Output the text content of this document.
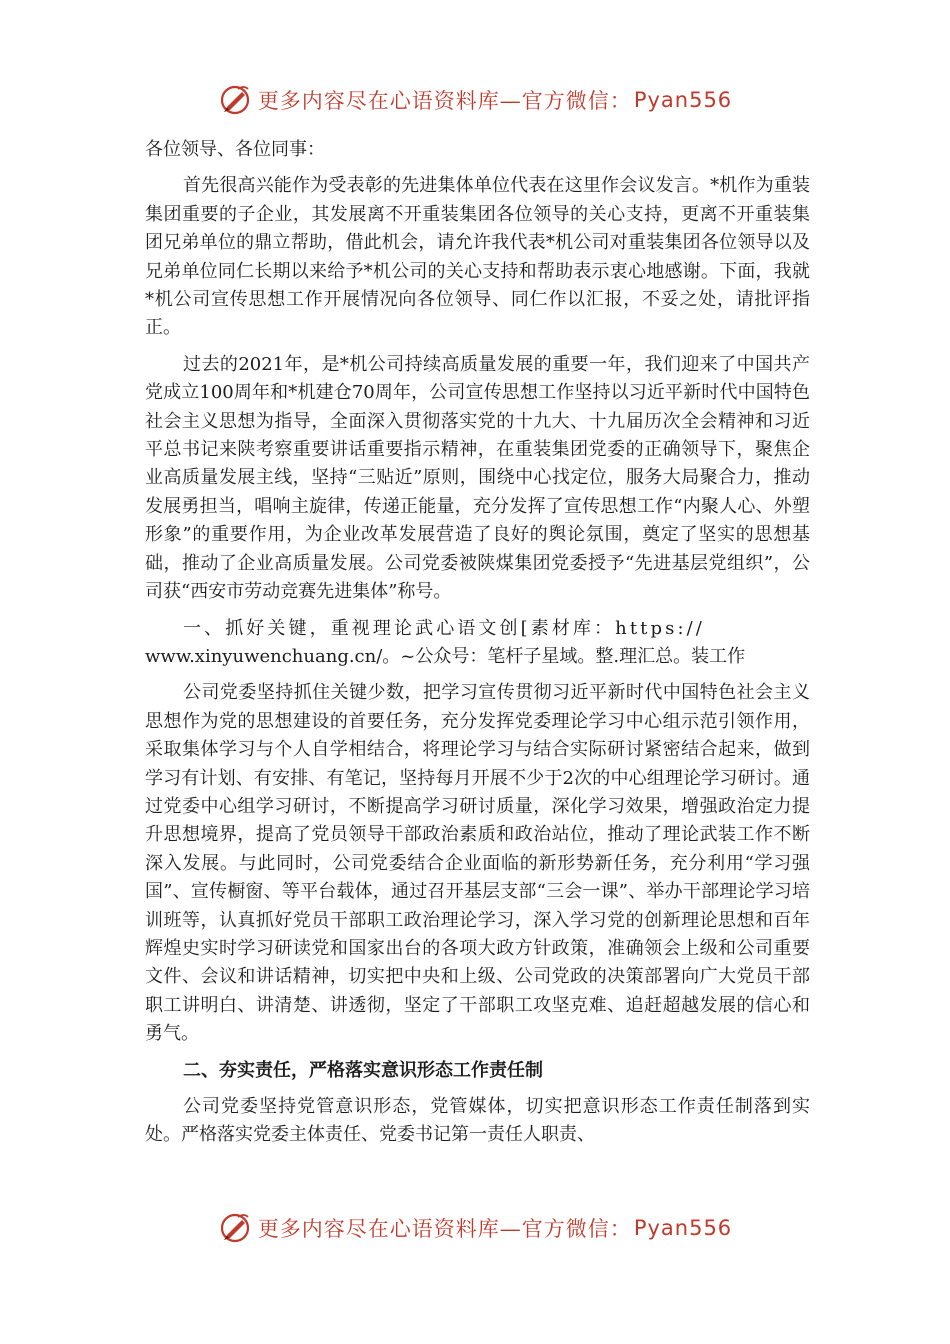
更多内容尽在心语资料库—官方微信： Pyan556

各位领导、各位同事：

首先很高兴能作为受表彰的先进集体单位代表在这里作会议发言。*机作为重装集团重要的子企业，其发展离不开重装集团各位领导的关心支持，更离不开重装集团兄弟单位的鼎立帮助，借此机会，请允许我代表*机公司对重装集团各位领导以及兄弟单位同仁长期以来给予*机公司的关心支持和帮助表示衷心地感谢。下面，我就*机公司宣传思想工作开展情况向各位领导、同仁作以汇报，不妥之处，请批评指正。

过去的2021年，是*机公司持续高质量发展的重要一年，我们迎来了中国共产党成立100周年和*机建仓70周年，公司宣传思想工作坚持以习近平新时代中国特色社会主义思想为指导，全面深入贯彻落实党的十九大、十九届历次全会精神和习近平总书记来陕考察重要讲话重要指示精神，在重装集团党委的正确领导下，聚焦企业高质量发展主线，坚持“三贴近”原则，围绕中心找定位，服务大局聚合力，推动发展勇担当，唱响主旋律，传递正能量，充分发挥了宣传思想工作“内聚人心、外塑形象”的重要作用，为企业改革发展营造了良好的舆论氛围，奠定了坚实的思想基础，推动了企业高质量发展。公司党委被陕煤集团党委授予“先进基层党组织”，公司获“西安市劳动竞赛先进集体”称号。

一、抓好关键，重视理论武心语文创[素材库：https://

www.xinyuwenchuang.cn/。~公众号：笔杆子星域。整.理汇总。装工作

公司党委坚持抓住关键少数，把学习宣传贯彻习近平新时代中国特色社会主义思想作为党的思想建设的首要任务，充分发挥党委理论学习中心组示范引领作用，采取集体学习与个人自学相结合，将理论学习与结合实际研讨紧密结合起来，做到学习有计划、有安排、有笔记，坚持每月开展不少于2次的中心组理论学习研讨。通过党委中心组学习研讨，不断提高学习研讨质量，深化学习效果，增强政治定力提升思想境界，提高了党员领导干部政治素质和政治站位，推动了理论武装工作不断深入发展。与此同时，公司党委结合企业面临的新形势新任务，充分利用“学习强国”、宣传橱窗、等平台载体，通过召开基层支部“三会一课”、举办干部理论学习培训班等，认真抓好党员干部职工政治理论学习，深入学习党的创新理论思想和百年辉煌史实时学习研读党和国家出台的各项大政方针政策，准确领会上级和公司重要文件、会议和讲话精神，切实把中央和上级、公司党政的决策部署向广大党员干部职工讲明白、讲清楚、讲透彻，坚定了干部职工攻坚克难、追赶超越发展的信心和勇气。

二、夯实责任，严格落实意识形态工作责任制

公司党委坚持党管意识形态，党管媒体，切实把意识形态工作责任制落到实处。严格落实党委主体责任、党委书记第一责任人职责、

更多内容尽在心语资料库—官方微信： Pyan556
